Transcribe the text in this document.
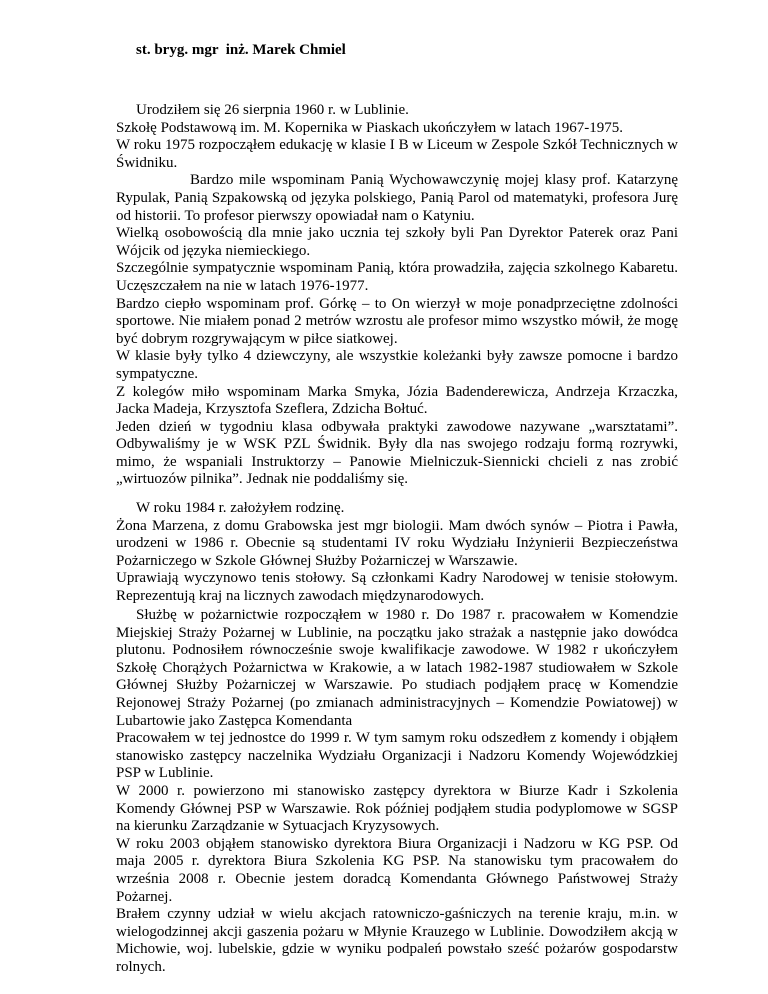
st. bryg. mgr  inż. Marek Chmiel

Urodziłem się 26 sierpnia 1960 r. w Lublinie.

Szkołę Podstawową im. M. Kopernika w Piaskach ukończyłem w latach 1967-1975.

W roku 1975 rozpocząłem edukację w klasie I B w Liceum w Zespole Szkół Technicznych w Świdniku.

Bardzo mile wspominam Panią Wychowawczynię mojej klasy prof. Katarzynę Rypulak, Panią Szpakowską od języka polskiego, Panią Parol od matematyki, profesora Jurę od historii. To profesor pierwszy opowiadał nam o Katyniu.

Wielką osobowością dla mnie jako ucznia tej szkoły byli Pan Dyrektor Paterek oraz Pani Wójcik od języka niemieckiego.

Szczególnie sympatycznie wspominam Panią, która prowadziła, zajęcia szkolnego Kabaretu. Uczęszczałem na nie w latach 1976-1977.

Bardzo ciepło wspominam prof. Górkę – to On wierzył w moje ponadprzeciętne zdolności sportowe. Nie miałem ponad 2 metrów wzrostu ale profesor mimo wszystko mówił, że mogę być dobrym rozgrywającym w piłce siatkowej.

W klasie były tylko 4 dziewczyny, ale wszystkie koleżanki były zawsze pomocne i bardzo sympatyczne.

Z kolegów miło wspominam Marka Smyka, Józia Badenderewicza, Andrzeja Krzaczka, Jacka Madeja, Krzysztofa Szeflera, Zdzicha Bołtuć.

Jeden dzień w tygodniu klasa odbywała praktyki zawodowe nazywane „warsztatami”. Odbywaliśmy je w WSK PZL Świdnik. Były dla nas swojego rodzaju formą rozrywki, mimo, że wspaniali Instruktorzy – Panowie Mielniczuk-Siennicki chcieli z nas zrobić „wirtuozów pilnika”. Jednak nie poddaliśmy się.

W roku 1984 r. założyłem rodzinę.

Żona Marzena, z domu Grabowska jest mgr biologii. Mam dwóch synów – Piotra i Pawła, urodzeni w 1986 r. Obecnie są studentami IV roku Wydziału Inżynierii Bezpieczeństwa Pożarniczego w Szkole Głównej Służby Pożarniczej w Warszawie.

Uprawiają wyczynowo tenis stołowy. Są członkami Kadry Narodowej w tenisie stołowym. Reprezentują kraj na licznych zawodach międzynarodowych.

Służbę w pożarnictwie rozpocząłem w 1980 r. Do 1987 r. pracowałem w Komendzie Miejskiej Straży Pożarnej w Lublinie, na początku jako strażak a następnie jako dowódca plutonu. Podnosiłem równocześnie swoje kwalifikacje zawodowe. W 1982 r ukończyłem Szkołę Chorążych Pożarnictwa w Krakowie, a w latach 1982-1987 studiowałem w Szkole Głównej Służby Pożarniczej w Warszawie. Po studiach podjąłem pracę w Komendzie Rejonowej Straży Pożarnej (po zmianach administracyjnych – Komendzie Powiatowej) w Lubartowie jako Zastępca Komendanta

Pracowałem w tej jednostce do 1999 r. W tym samym roku odszedłem z komendy i objąłem stanowisko zastępcy naczelnika Wydziału Organizacji i Nadzoru Komendy Wojewódzkiej PSP w Lublinie.

W 2000 r. powierzono mi stanowisko zastępcy dyrektora w Biurze Kadr i Szkolenia Komendy Głównej PSP w Warszawie. Rok później podjąłem studia podyplomowe w SGSP na kierunku Zarządzanie w Sytuacjach Kryzysowych.

W roku 2003 objąłem stanowisko dyrektora Biura Organizacji i Nadzoru w KG PSP. Od maja 2005 r. dyrektora Biura Szkolenia KG PSP. Na stanowisku tym pracowałem do września 2008 r. Obecnie jestem doradcą Komendanta Głównego Państwowej Straży Pożarnej.

Brałem czynny udział w wielu akcjach ratowniczo-gaśniczych na terenie kraju, m.in. w wielogodzinnej akcji gaszenia pożaru w Młynie Krauzego w Lublinie. Dowodziłem akcją w Michowie, woj. lubelskie, gdzie w wyniku podpaleń powstało sześć pożarów gospodarstw rolnych.
